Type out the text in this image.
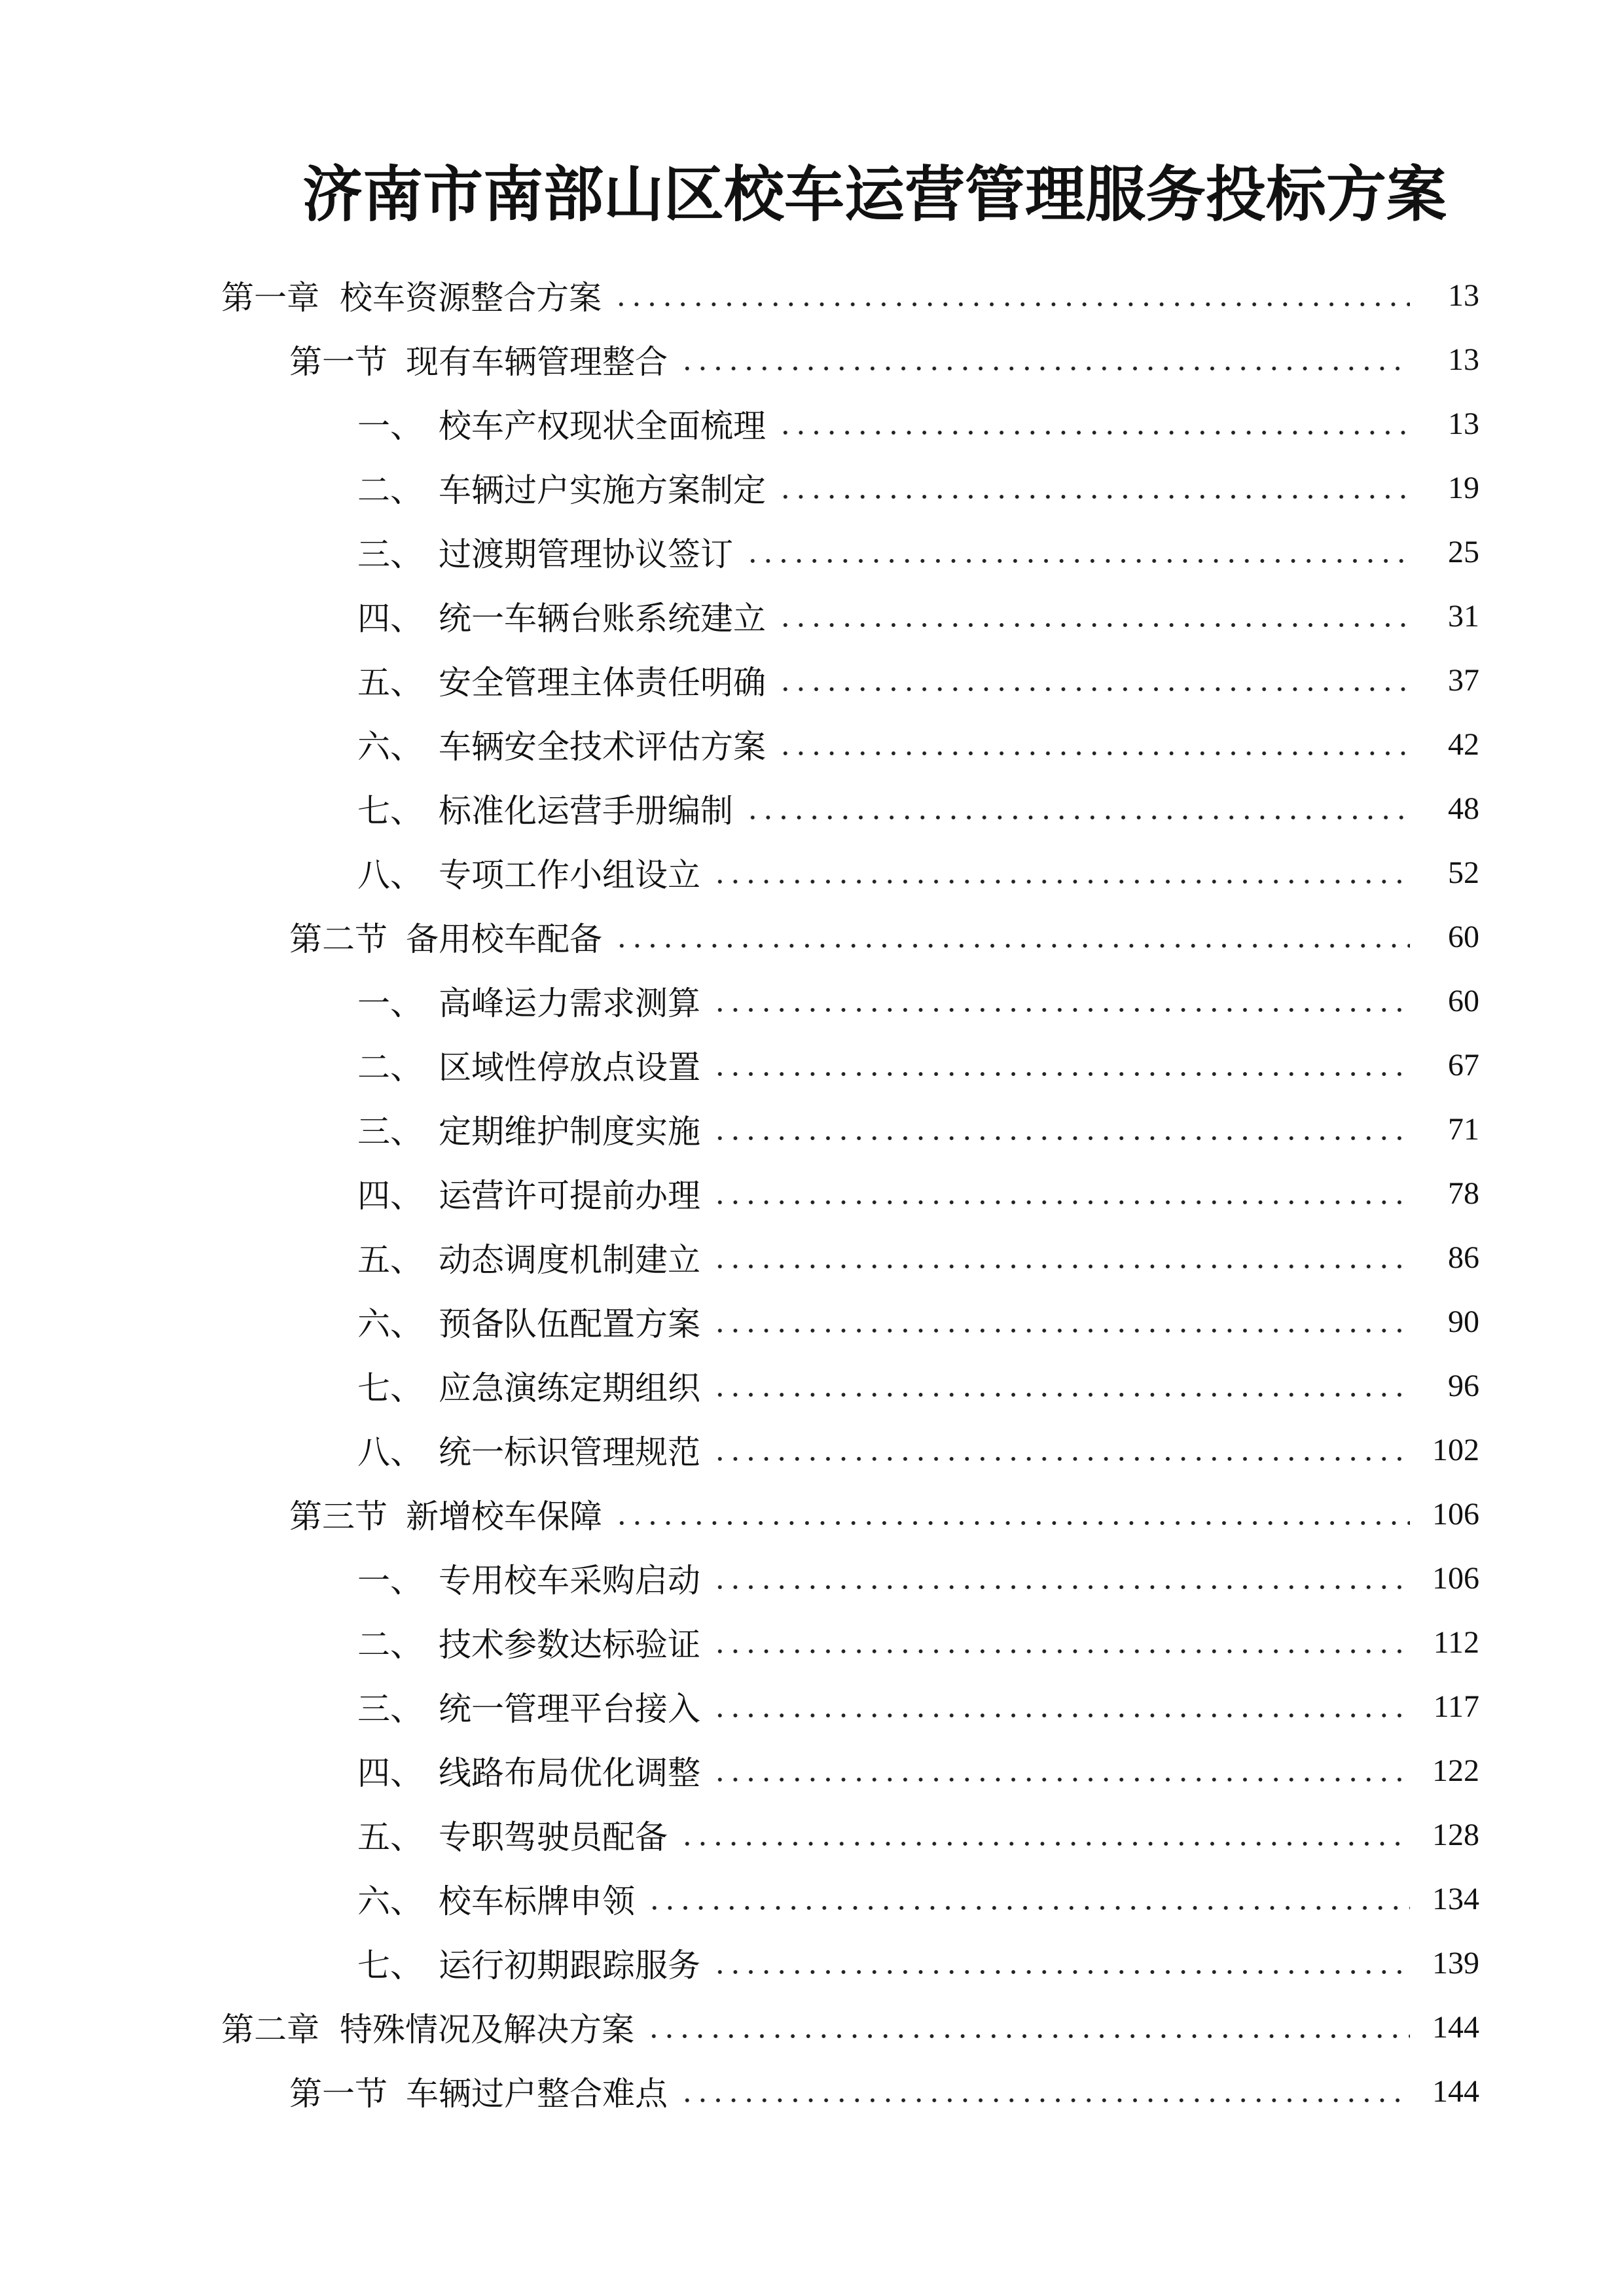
济南市南部山区校车运营管理服务投标方案
第一章 校车资源整合方案	13
第一节 现有车辆管理整合	13
一、 校车产权现状全面梳理	13
二、 车辆过户实施方案制定	19
三、 过渡期管理协议签订	25
四、 统一车辆台账系统建立	31
五、 安全管理主体责任明确	37
六、 车辆安全技术评估方案	42
七、 标准化运营手册编制	48
八、 专项工作小组设立	52
第二节 备用校车配备	60
一、 高峰运力需求测算	60
二、 区域性停放点设置	67
三、 定期维护制度实施	71
四、 运营许可提前办理	78
五、 动态调度机制建立	86
六、 预备队伍配置方案	90
七、 应急演练定期组织	96
八、 统一标识管理规范	102
第三节 新增校车保障	106
一、 专用校车采购启动	106
二、 技术参数达标验证	112
三、 统一管理平台接入	117
四、 线路布局优化调整	122
五、 专职驾驶员配备	128
六、 校车标牌申领	134
七、 运行初期跟踪服务	139
第二章 特殊情况及解决方案	144
第一节 车辆过户整合难点	144
